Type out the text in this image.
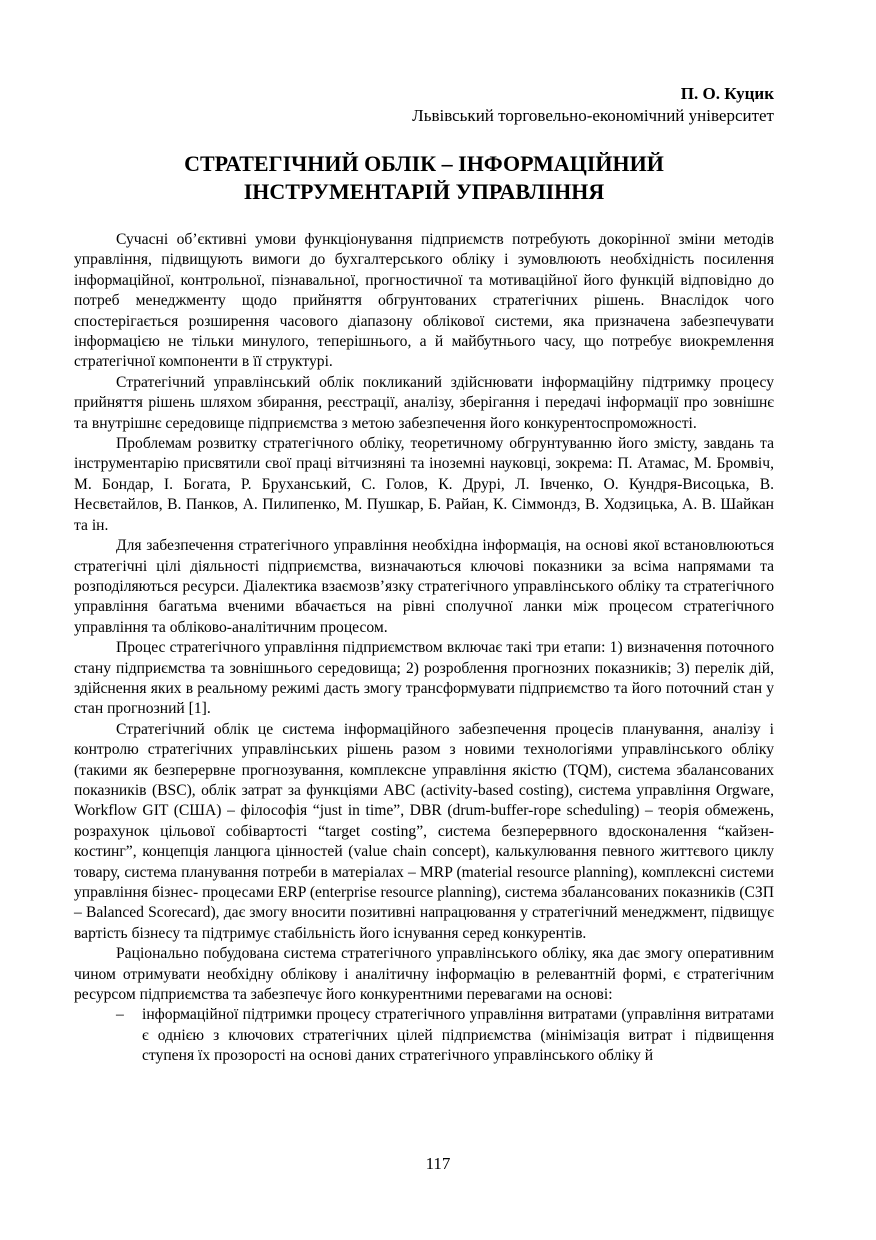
П. О. Куцик
Львівський торговельно-економічний університет
СТРАТЕГІЧНИЙ ОБЛІК – ІНФОРМАЦІЙНИЙ
ІНСТРУМЕНТАРІЙ УПРАВЛІННЯ

Сучасні об’єктивні умови функціонування підприємств потребують докорінної зміни методів управління, підвищують вимоги до бухгалтерського обліку і зумовлюють необхідність посилення інформаційної, контрольної, пізнавальної, прогностичної та мотиваційної його функцій відповідно до потреб менеджменту щодо прийняття обгрунтованих стратегічних рішень. Внаслідок чого спостерігається розширення часового діапазону облікової системи, яка призначена забезпечувати інформацією не тільки минулого, теперішнього, а й майбутнього часу, що потребує виокремлення стратегічної компоненти в її структурі.

Стратегічний управлінський облік покликаний здійснювати інформаційну підтримку процесу прийняття рішень шляхом збирання, реєстрації, аналізу, зберігання і передачі інформації про зовнішнє та внутрішнє середовище підприємства з метою забезпечення його конкурентоспроможності.

Проблемам розвитку стратегічного обліку, теоретичному обгрунтуванню його змісту, завдань та інструментарію присвятили свої праці вітчизняні та іноземні науковці, зокрема: П. Атамас, М. Бромвіч, М. Бондар, І. Богата, Р. Бруханський, С. Голов, К. Друрі, Л. Івченко, О. Кундря-Висоцька, В. Несвєтайлов, В. Панков, А. Пилипенко, М. Пушкар, Б. Райан, К. Сіммондз, В. Ходзицька, А. В. Шайкан та ін.

Для забезпечення стратегічного управління необхідна інформація, на основі якої встановлюються стратегічні цілі діяльності підприємства, визначаються ключові показники за всіма напрямами та розподіляються ресурси. Діалектика взаємозв’язку стратегічного управлінського обліку та стратегічного управління багатьма вченими вбачається на рівні сполучної ланки між процесом стратегічного управління та обліково-аналітичним процесом.

Процес стратегічного управління підприємством включає такі три етапи: 1) визначення поточного стану підприємства та зовнішнього середовища; 2) розроблення прогнозних показників; 3) перелік дій, здійснення яких в реальному режимі дасть змогу трансформувати підприємство та його поточний стан у стан прогнозний [1].

Стратегічний облік це система інформаційного забезпечення процесів планування, аналізу і контролю стратегічних управлінських рішень разом з новими технологіями управлінського обліку (такими як безперервне прогнозування, комплексне управління якістю (TQM), система збалансованих показників (BSC), облік затрат за функціями ABC (activity-based costing), система управління Orgware, Workflow GIT (США) – філософія “just in time”, DBR (drum-buffer-rope scheduling) – теорія обмежень, розрахунок цільової собівартості “target costing”, система безперервного вдосконалення “кайзен-костинг”, концепція ланцюга цінностей (value chain concept), калькулювання певного життєвого циклу товару, система планування потреби в матеріалах – MRP (material resource planning), комплексні системи управління бізнес- процесами ERP (enterprise resource planning), система збалансованих показників (СЗП – Balanced Scorecard), дає змогу вносити позитивні напрацювання у стратегічний менеджмент, підвищує вартість бізнесу та підтримує стабільність його існування серед конкурентів.

Раціонально побудована система стратегічного управлінського обліку, яка дає змогу оперативним чином отримувати необхідну облікову і аналітичну інформацію в релевантній формі, є стратегічним ресурсом підприємства та забезпечує його конкурентними перевагами на основі:

– інформаційної підтримки процесу стратегічного управління витратами (управління витратами є однією з ключових стратегічних цілей підприємства (мінімізація витрат і підвищення ступеня їх прозорості на основі даних стратегічного управлінського обліку й
117
